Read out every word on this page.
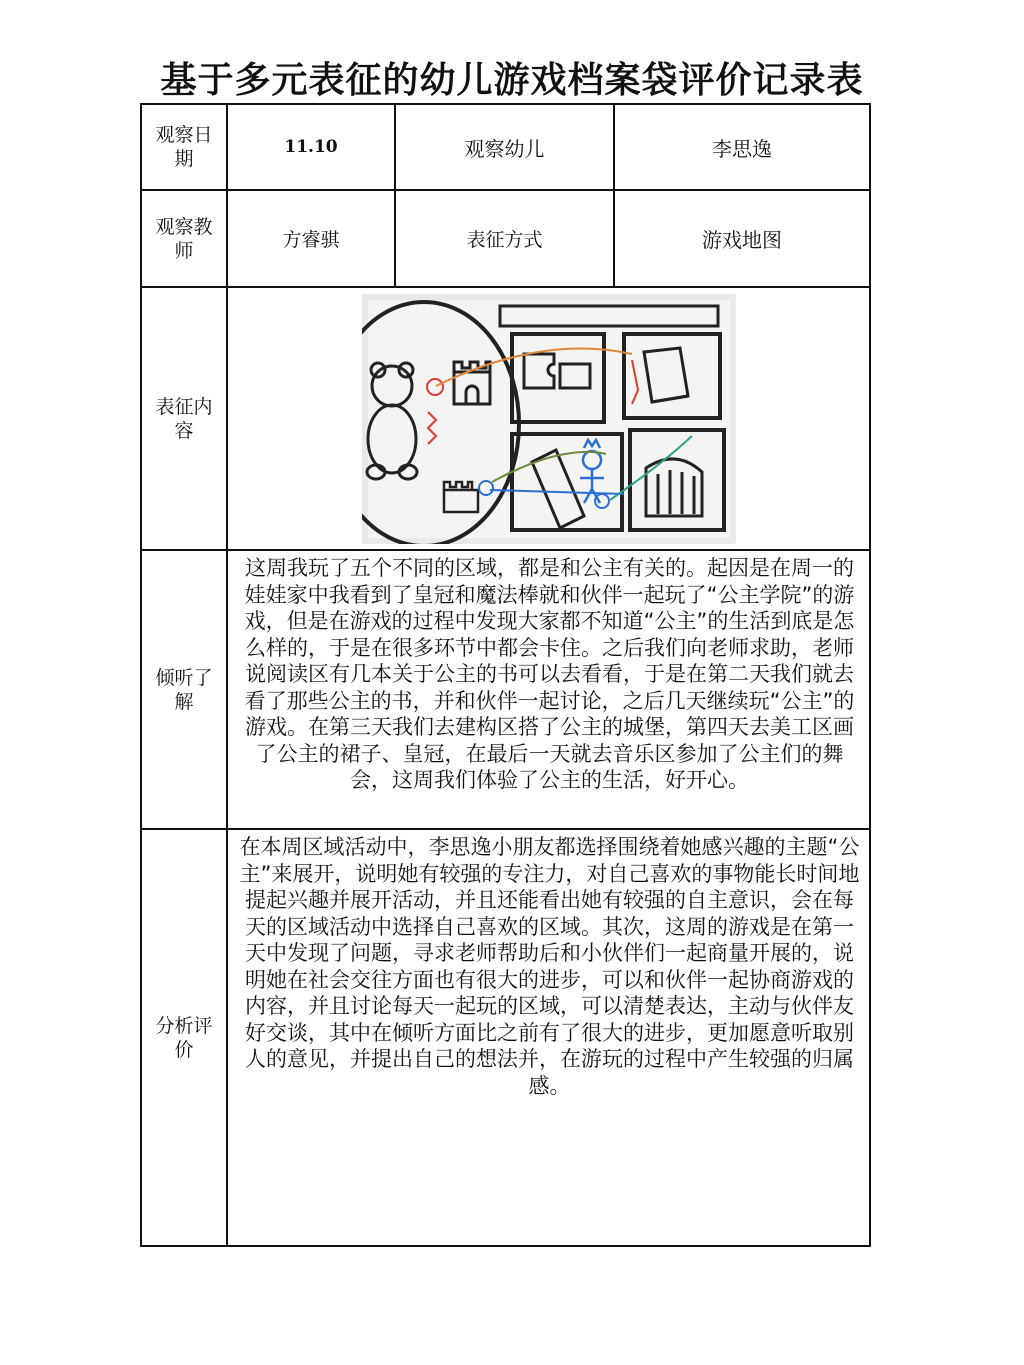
基于多元表征的幼儿游戏档案袋评价记录表
观察日期	11.10	观察幼儿	李思逸
观察教师	方睿骐	表征方式	游戏地图
表征内容	

倾听了解	这周我玩了五个不同的区域，都是和公主有关的。起因是在周一的娃娃家中我看到了皇冠和魔法棒就和伙伴一起玩了“公主学院”的游戏，但是在游戏的过程中发现大家都不知道“公主”的生活到底是怎么样的，于是在很多环节中都会卡住。之后我们向老师求助，老师说阅读区有几本关于公主的书可以去看看，于是在第二天我们就去看了那些公主的书，并和伙伴一起讨论，之后几天继续玩“公主”的游戏。在第三天我们去建构区搭了公主的城堡，第四天去美工区画了公主的裙子、皇冠，在最后一天就去音乐区参加了公主们的舞会，这周我们体验了公主的生活，好开心。		
分析评价	在本周区域活动中，李思逸小朋友都选择围绕着她感兴趣的主题“公主”来展开，说明她有较强的专注力，对自己喜欢的事物能长时间地提起兴趣并展开活动，并且还能看出她有较强的自主意识，会在每天的区域活动中选择自己喜欢的区域。其次，这周的游戏是在第一天中发现了问题，寻求老师帮助后和小伙伴们一起商量开展的，说明她在社会交往方面也有很大的进步，可以和伙伴一起协商游戏的内容，并且讨论每天一起玩的区域，可以清楚表达，主动与伙伴友好交谈，其中在倾听方面比之前有了很大的进步，更加愿意听取别人的意见，并提出自己的想法并，在游玩的过程中产生较强的归属感。		
